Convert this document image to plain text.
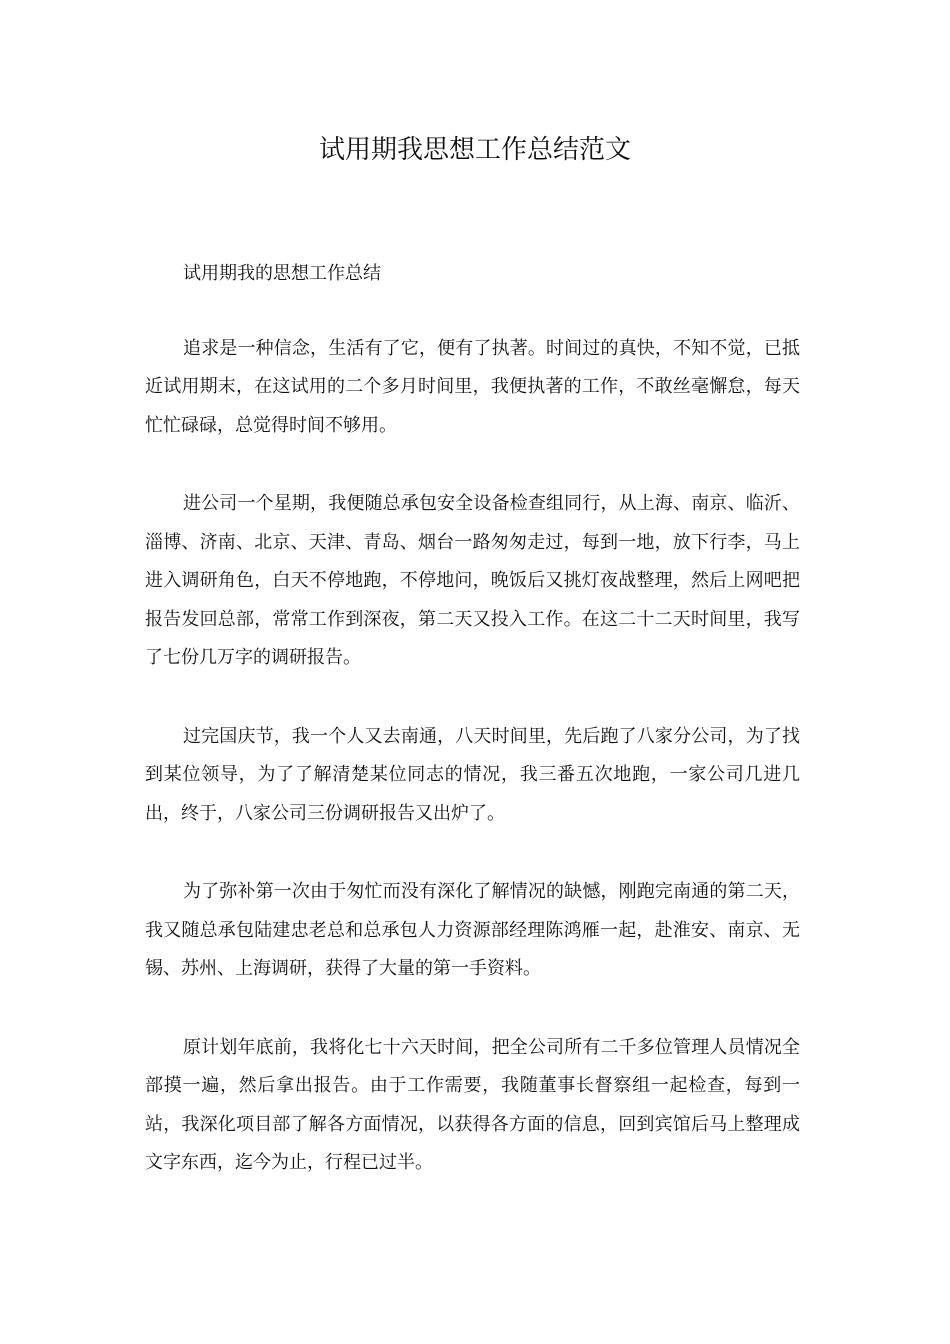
试用期我思想工作总结范文

试用期我的思想工作总结

追求是一种信念，生活有了它，便有了执著。时间过的真快，不知不觉，已抵近试用期末，在这试用的二个多月时间里，我便执著的工作，不敢丝毫懈怠，每天忙忙碌碌，总觉得时间不够用。

进公司一个星期，我便随总承包安全设备检查组同行，从上海、南京、临沂、淄博、济南、北京、天津、青岛、烟台一路匆匆走过，每到一地，放下行李，马上进入调研角色，白天不停地跑，不停地问，晚饭后又挑灯夜战整理，然后上网吧把报告发回总部，常常工作到深夜，第二天又投入工作。在这二十二天时间里，我写了七份几万字的调研报告。

过完国庆节，我一个人又去南通，八天时间里，先后跑了八家分公司，为了找到某位领导，为了了解清楚某位同志的情况，我三番五次地跑，一家公司几进几出，终于，八家公司三份调研报告又出炉了。

为了弥补第一次由于匆忙而没有深化了解情况的缺憾，刚跑完南通的第二天，我又随总承包陆建忠老总和总承包人力资源部经理陈鸿雁一起，赴淮安、南京、无锡、苏州、上海调研，获得了大量的第一手资料。

原计划年底前，我将化七十六天时间，把全公司所有二千多位管理人员情况全部摸一遍，然后拿出报告。由于工作需要，我随董事长督察组一起检查，每到一站，我深化项目部了解各方面情况，以获得各方面的信息，回到宾馆后马上整理成文字东西，迄今为止，行程已过半。
